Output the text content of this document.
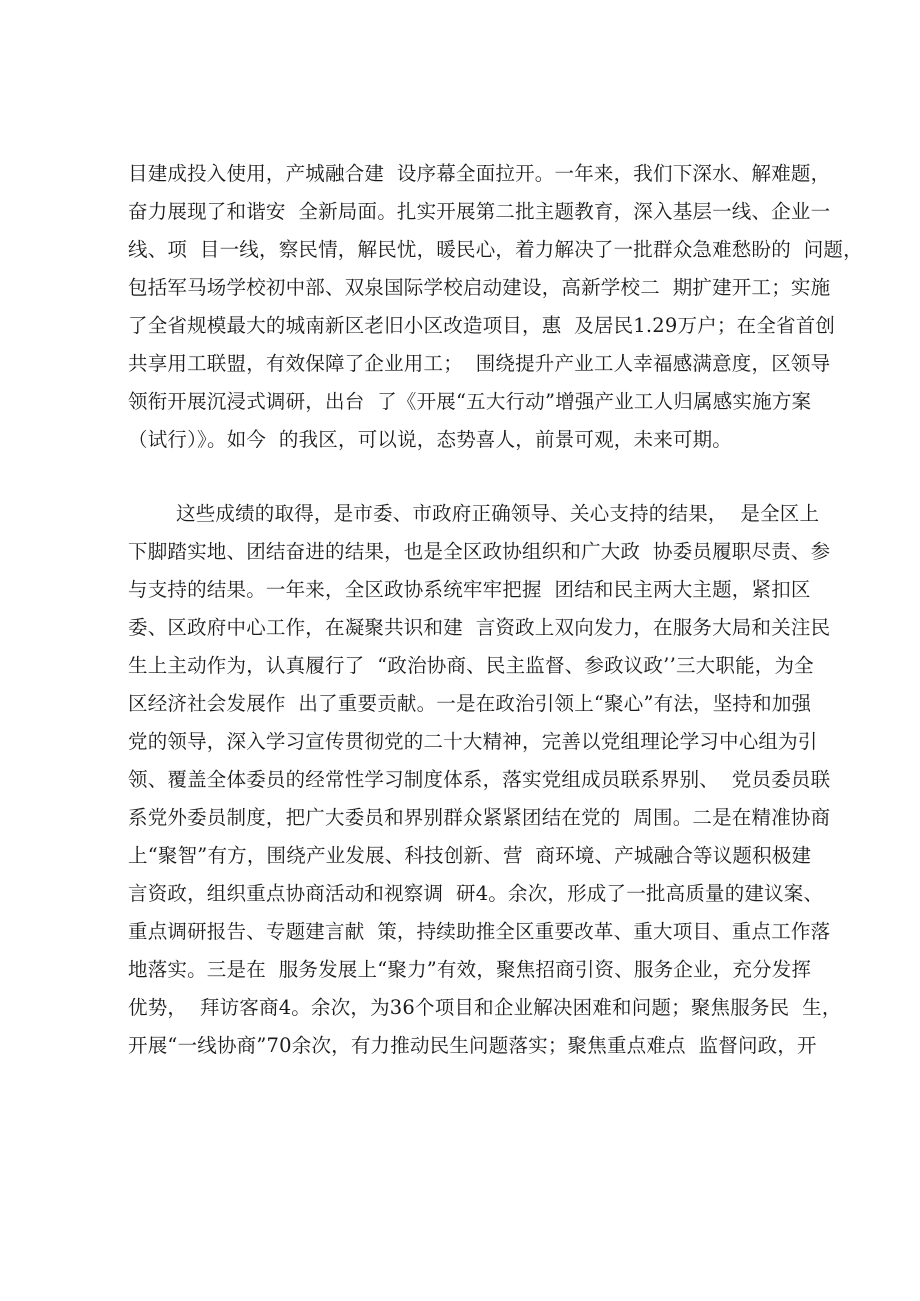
目建成投入使用，产城融合建  设序幕全面拉开。一年来，我们下深水、解难题，
奋力展现了和谐安  全新局面。扎实开展第二批主题教育，深入基层一线、企业一
线、项  目一线，察民情，解民忧，暖民心，着力解决了一批群众急难愁盼的  问题，
包括军马场学校初中部、双泉国际学校启动建设，高新学校二  期扩建开工；实施
了全省规模最大的城南新区老旧小区改造项目，惠  及居民1.29万户；在全省首创
共享用工联盟，有效保障了企业用工；  围绕提升产业工人幸福感满意度，区领导
领衔开展沉浸式调研，出台  了《开展“五大行动”增强产业工人归属感实施方案
（试行）》。如今  的我区，可以说，态势喜人，前景可观，未来可期。
这些成绩的取得，是市委、市政府正确领导、关心支持的结果，  是全区上
下脚踏实地、团结奋进的结果，也是全区政协组织和广大政  协委员履职尽责、参
与支持的结果。一年来，全区政协系统牢牢把握  团结和民主两大主题，紧扣区
委、区政府中心工作，在凝聚共识和建  言资政上双向发力，在服务大局和关注民
生上主动作为，认真履行了  “政治协商、民主监督、参政议政’’三大职能，为全
区经济社会发展作  出了重要贡献。一是在政治引领上“聚心”有法，坚持和加强
党的领导，深入学习宣传贯彻党的二十大精神，完善以党组理论学习中心组为引
领、覆盖全体委员的经常性学习制度体系，落实党组成员联系界别、  党员委员联
系党外委员制度，把广大委员和界别群众紧紧团结在党的  周围。二是在精准协商
上“聚智”有方，围绕产业发展、科技创新、营  商环境、产城融合等议题积极建
言资政，组织重点协商活动和视察调  研4。余次，形成了一批高质量的建议案、
重点调研报告、专题建言献  策，持续助推全区重要改革、重大项目、重点工作落
地落实。三是在  服务发展上“聚力”有效，聚焦招商引资、服务企业，充分发挥
优势，  拜访客商4。余次，为36个项目和企业解决困难和问题；聚焦服务民  生，
开展“一线协商”70余次，有力推动民生问题落实；聚焦重点难点  监督问政，开
